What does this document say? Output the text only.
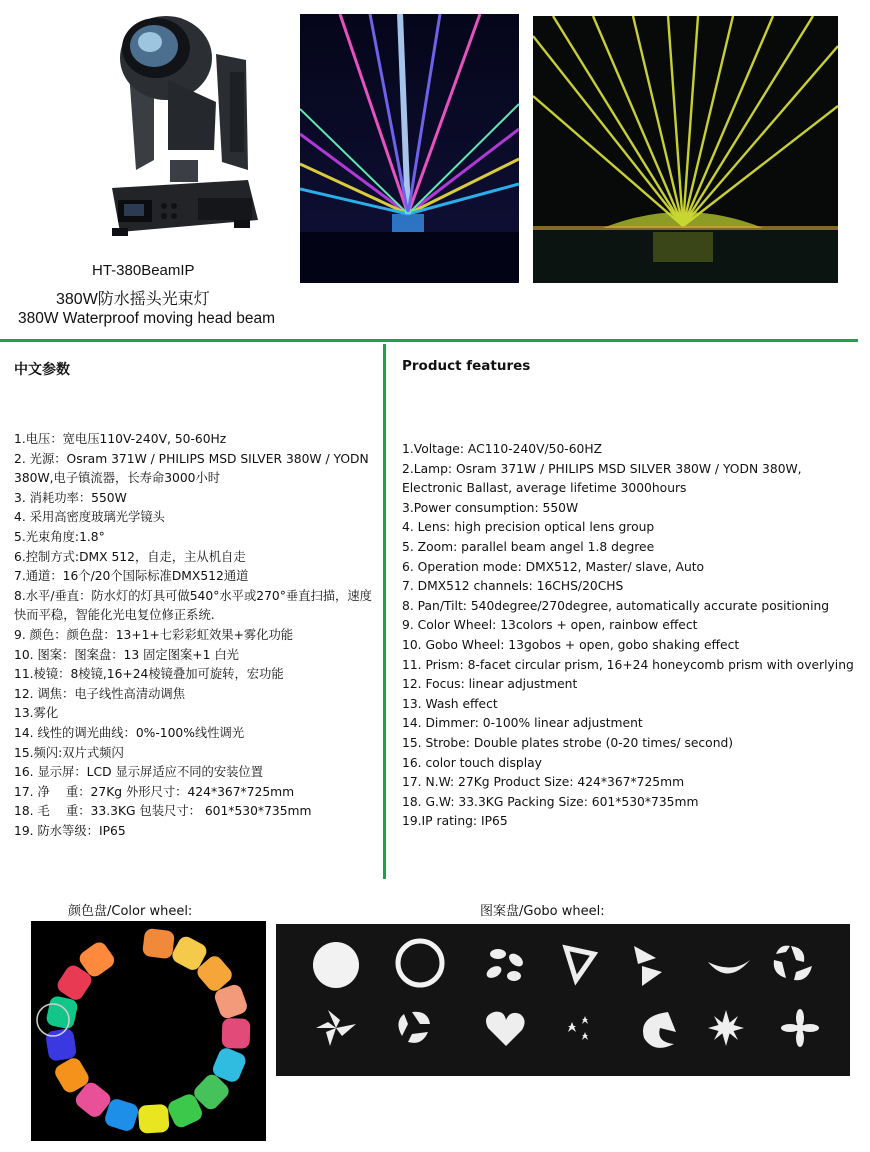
HT-380BeamIP
380W防水摇头光束灯
380W Waterproof moving head beam
中文参数	Product features
1.电压：宽电压110V-240V, 50-60Hz
2. 光源：Osram 371W / PHILIPS MSD SILVER 380W / YODN 380W,电子镇流器，长寿命3000小时
3. 消耗功率：550W
4. 采用高密度玻璃光学镜头
5.光束角度:1.8°
6.控制方式:DMX 512，自走，主从机自走
7.通道：16个/20个国际标准DMX512通道
8.水平/垂直：防水灯的灯具可做540°水平或270°垂直扫描，速度快而平稳，智能化光电复位修正系统.
9. 颜色：颜色盘：13+1+七彩彩虹效果+雾化功能
10. 图案：图案盘：13 固定图案+1 白光
11.棱镜：8棱镜,16+24棱镜叠加可旋转，宏功能
12. 调焦：电子线性高清动调焦
13.雾化
14. 线性的调光曲线：0%-100%线性调光
15.频闪:双片式频闪
16. 显示屏：LCD 显示屏适应不同的安装位置
17. 净　 重：27Kg 外形尺寸：424*367*725mm
18. 毛　 重：33.3KG 包装尺寸： 601*530*735mm
19. 防水等级：IP65
1.Voltage: AC110-240V/50-60HZ
2.Lamp: Osram 371W / PHILIPS MSD SILVER 380W / YODN 380W, Electronic Ballast, average lifetime 3000hours
3.Power consumption: 550W
4. Lens: high precision optical lens group
5. Zoom: parallel beam angel 1.8 degree
6. Operation mode: DMX512, Master/ slave, Auto
7. DMX512 channels: 16CHS/20CHS
8. Pan/Tilt: 540degree/270degree, automatically accurate positioning
9. Color Wheel: 13colors + open, rainbow effect
10. Gobo Wheel: 13gobos + open, gobo shaking effect
11. Prism: 8-facet circular prism, 16+24 honeycomb prism with overlying
12. Focus: linear adjustment
13. Wash effect
14. Dimmer: 0-100% linear adjustment
15. Strobe: Double plates strobe (0-20 times/ second)
16. color touch display
17. N.W: 27Kg Product Size: 424*367*725mm
18. G.W: 33.3KG Packing Size: 601*530*735mm
19.IP rating: IP65
颜色盘/Color wheel:	图案盘/Gobo wheel:
